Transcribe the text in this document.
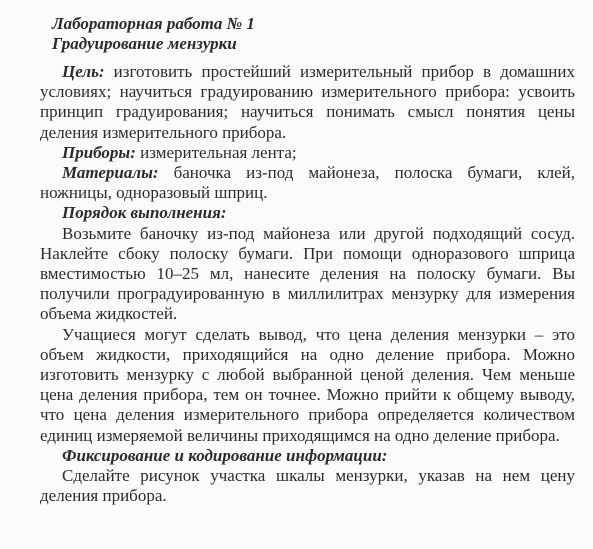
Лабораторная работа № 1

Градуирование мензурки

Цель: изготовить простейший измерительный прибор в домашних условиях; научиться градуированию измерительного прибора: усвоить принцип градуирования; научиться понимать смысл понятия цены деления измерительного прибора.

Приборы: измерительная лента;

Материалы: баночка из-под майонеза, полоска бумаги, клей, ножницы, одноразовый шприц.

Порядок выполнения:

Возьмите баночку из-под майонеза или другой подходящий сосуд. Наклейте сбоку полоску бумаги. При помощи одноразового шприца вместимостью 10–25 мл, нанесите деления на полоску бумаги. Вы получили проградуированную в миллилитрах мензурку для измерения объема жидкостей.

Учащиеся могут сделать вывод, что цена деления мензурки – это объем жидкости, приходящийся на одно деление прибора. Можно изготовить мензурку с любой выбранной ценой деления. Чем меньше цена деления прибора, тем он точнее. Можно прийти к общему выводу, что цена деления измерительного прибора определяется количеством единиц измеряемой величины приходящимся на одно деление прибора.

Фиксирование и кодирование информации:

Сделайте рисунок участка шкалы мензурки, указав на нем цену деления прибора.
